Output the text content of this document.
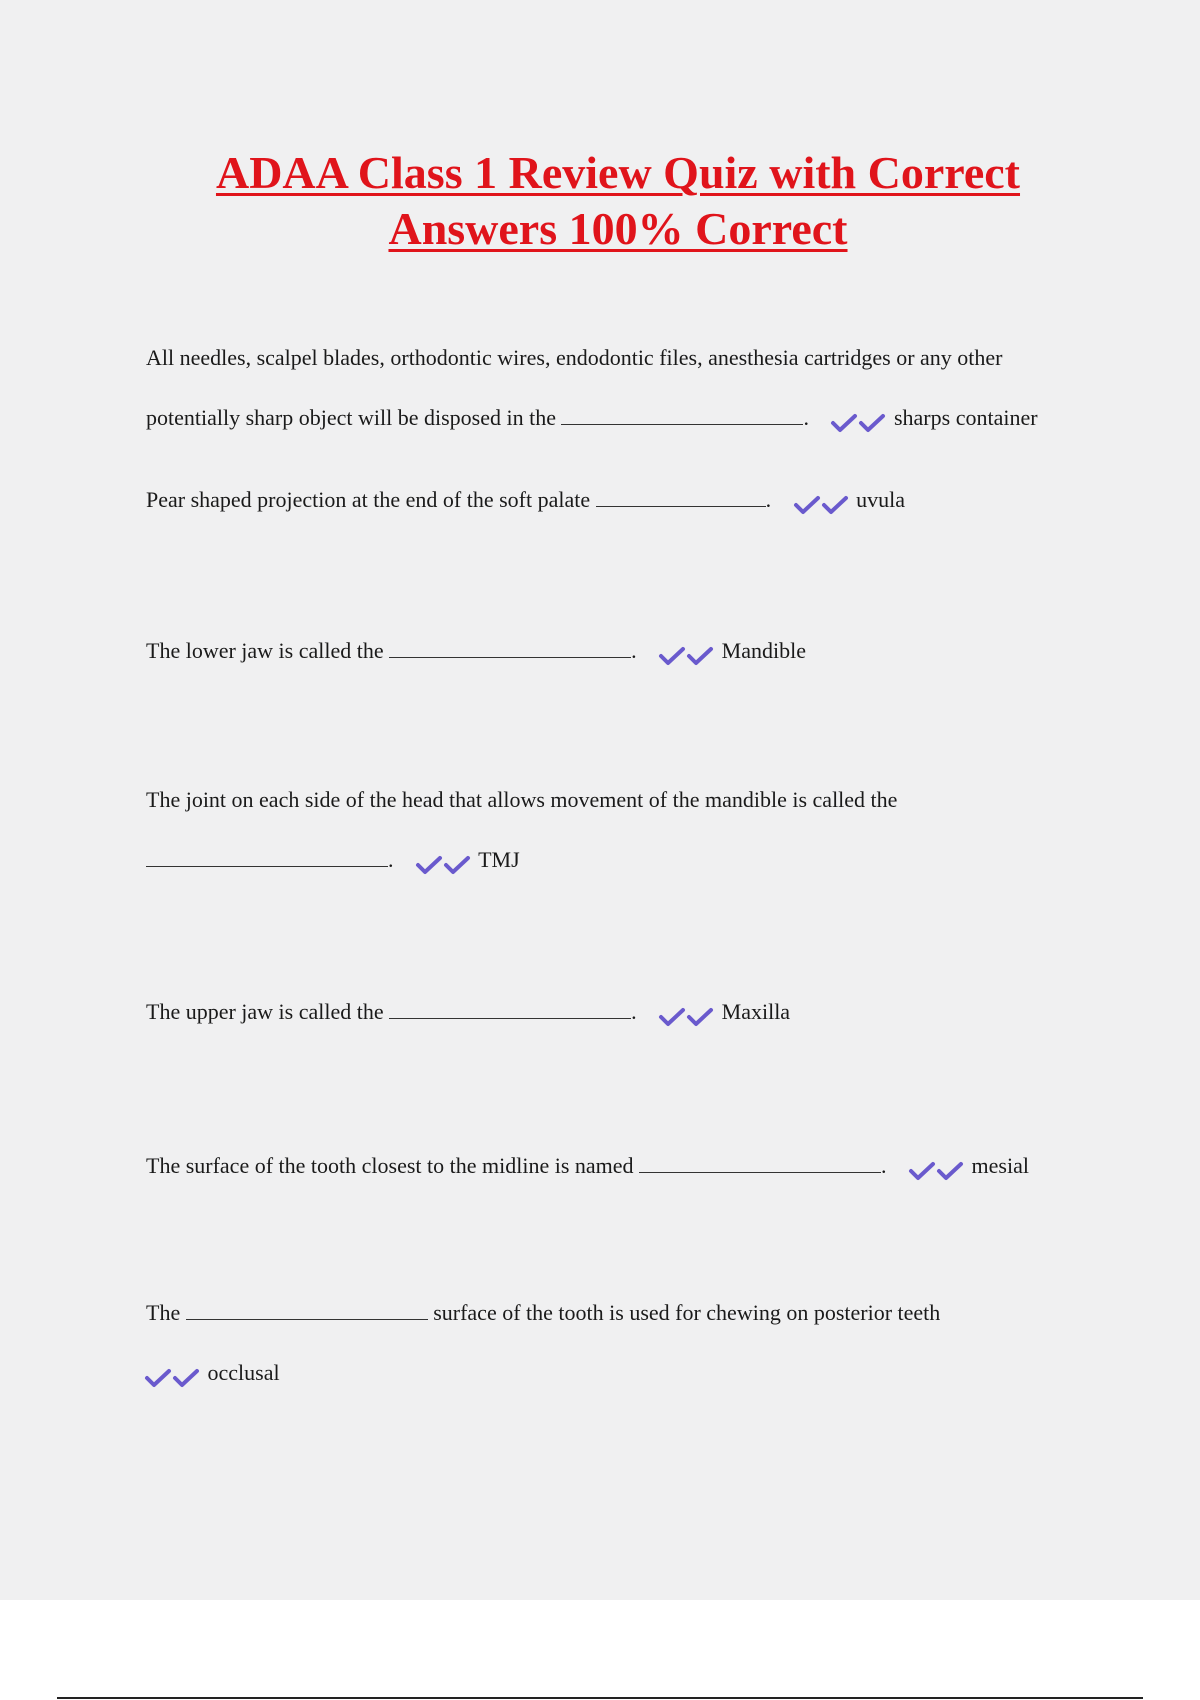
ADAA Class 1 Review Quiz with Correct
Answers 100% Correct
All needles, scalpel blades, orthodontic wires, endodontic files, anesthesia cartridges or any other
potentially sharp object will be disposed in the	.	sharps container
Pear shaped projection at the end of the soft palate	.	uvula
The lower jaw is called the	.	Mandible
The joint on each side of the head that allows movement of the mandible is called the
.	TMJ
The upper jaw is called the	.	Maxilla
The surface of the tooth closest to the midline is named	.	mesial
The	surface of the tooth is used for chewing on posterior teeth
occlusal
